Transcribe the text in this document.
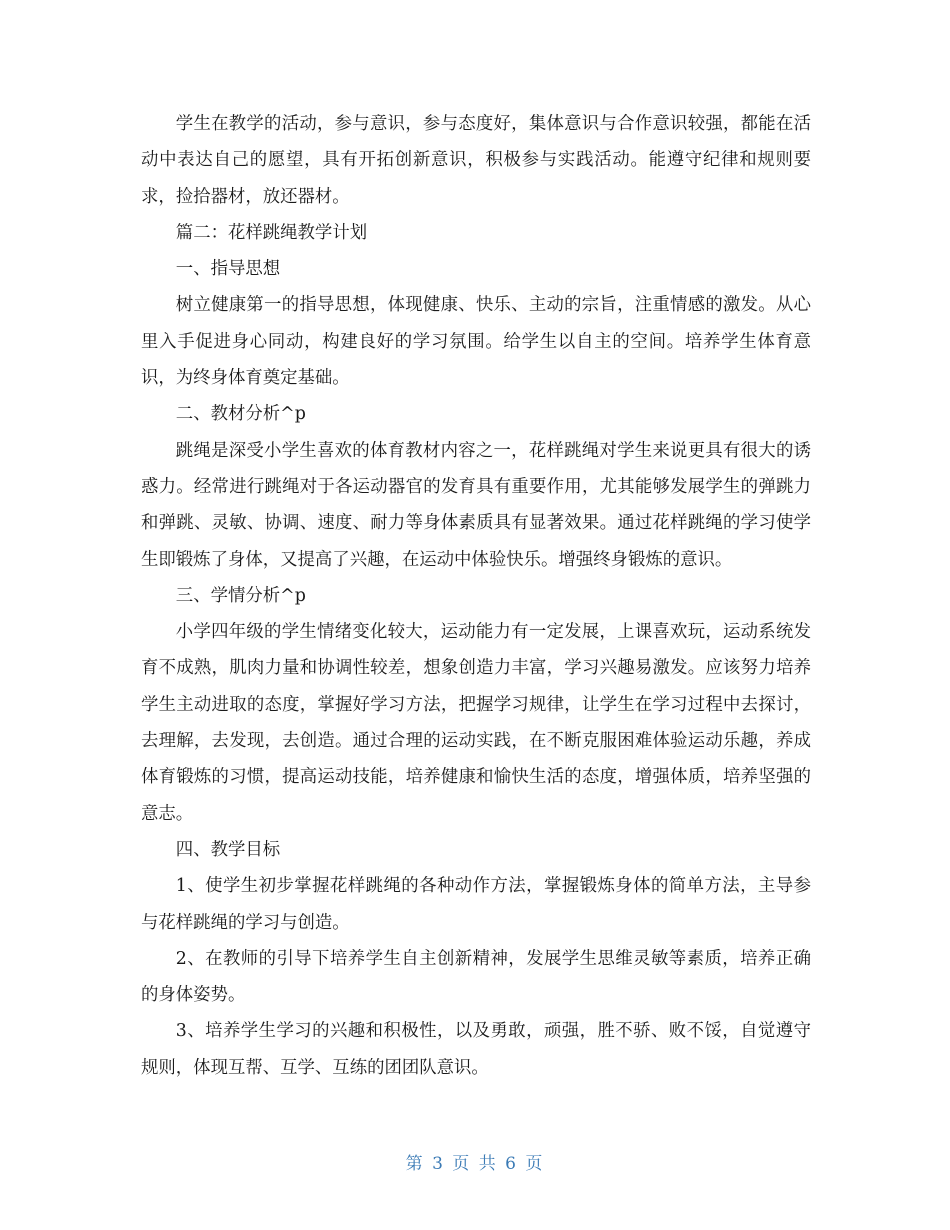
学生在教学的活动，参与意识，参与态度好，集体意识与合作意识较强，都能在活动中表达自己的愿望，具有开拓创新意识，积极参与实践活动。能遵守纪律和规则要求，捡拾器材，放还器材。

篇二：花样跳绳教学计划

一、指导思想

树立健康第一的指导思想，体现健康、快乐、主动的宗旨，注重情感的激发。从心里入手促进身心同动，构建良好的学习氛围。给学生以自主的空间。培养学生体育意识，为终身体育奠定基础。

二、教材分析^p

跳绳是深受小学生喜欢的体育教材内容之一，花样跳绳对学生来说更具有很大的诱惑力。经常进行跳绳对于各运动器官的发育具有重要作用，尤其能够发展学生的弹跳力和弹跳、灵敏、协调、速度、耐力等身体素质具有显著效果。通过花样跳绳的学习使学生即锻炼了身体，又提高了兴趣，在运动中体验快乐。增强终身锻炼的意识。

三、学情分析^p

小学四年级的学生情绪变化较大，运动能力有一定发展，上课喜欢玩，运动系统发育不成熟，肌肉力量和协调性较差，想象创造力丰富，学习兴趣易激发。应该努力培养学生主动进取的态度，掌握好学习方法，把握学习规律，让学生在学习过程中去探讨，去理解，去发现，去创造。通过合理的运动实践，在不断克服困难体验运动乐趣，养成体育锻炼的习惯，提高运动技能，培养健康和愉快生活的态度，增强体质，培养坚强的意志。

四、教学目标

1、使学生初步掌握花样跳绳的各种动作方法，掌握锻炼身体的简单方法，主导参与花样跳绳的学习与创造。

2、在教师的引导下培养学生自主创新精神，发展学生思维灵敏等素质，培养正确的身体姿势。

3、培养学生学习的兴趣和积极性，以及勇敢，顽强，胜不骄、败不馁，自觉遵守规则，体现互帮、互学、互练的团团队意识。

第 3 页 共 6 页
